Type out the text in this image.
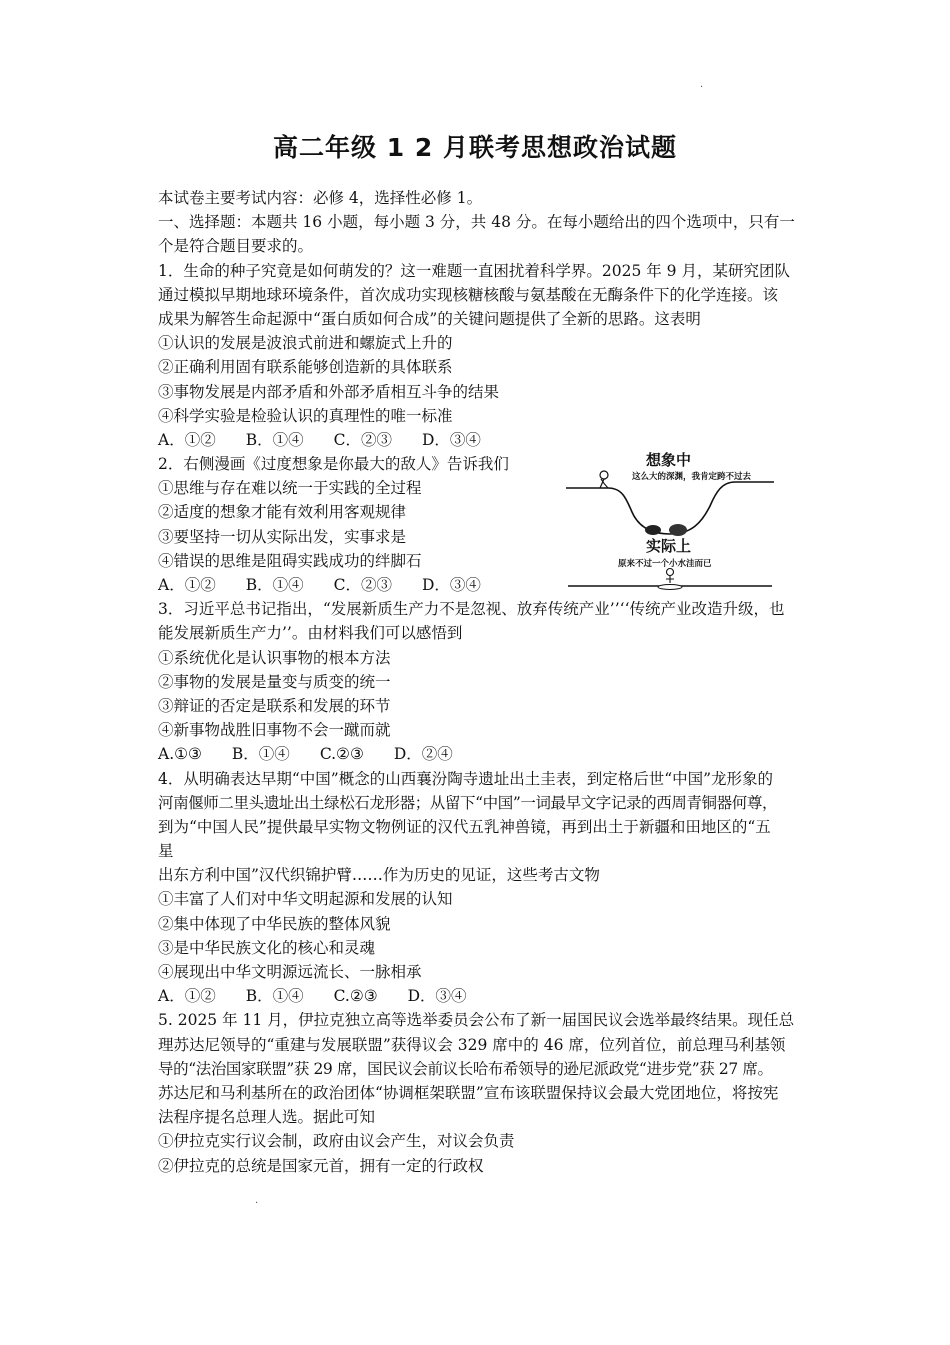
·
高二年级 1 2 月联考思想政治试题
本试卷主要考试内容：必修 4，选择性必修 1。
一、选择题：本题共 16 小题，每小题 3 分，共 48 分。在每小题给出的四个选项中，只有一
个是符合题目要求的。
1．生命的种子究竟是如何萌发的？这一难题一直困扰着科学界。2025 年 9 月，某研究团队
通过模拟早期地球环境条件，首次成功实现核糖核酸与氨基酸在无酶条件下的化学连接。该
成果为解答生命起源中“蛋白质如何合成”的关键问题提供了全新的思路。这表明
①认识的发展是波浪式前进和螺旋式上升的
②正确利用固有联系能够创造新的具体联系
③事物发展是内部矛盾和外部矛盾相互斗争的结果
④科学实验是检验认识的真理性的唯一标准
A．①② B．①④ C．②③ D．③④
2．右侧漫画《过度想象是你最大的敌人》告诉我们
①思维与存在难以统一于实践的全过程
②适度的想象才能有效利用客观规律
③要坚持一切从实际出发，实事求是
④错误的思维是阻碍实践成功的绊脚石
A．①② B．①④ C．②③ D．③④
3．习近平总书记指出，“发展新质生产力不是忽视、放弃传统产业’’‘‘传统产业改造升级，也
能发展新质生产力’’。由材料我们可以感悟到
①系统优化是认识事物的根本方法
②事物的发展是量变与质变的统一
③辩证的否定是联系和发展的环节
④新事物战胜旧事物不会一蹴而就
A.①③ B．①④ C.②③ D．②④
4．从明确表达早期“中国”概念的山西襄汾陶寺遗址出土圭表，到定格后世“中国”龙形象的
河南偃师二里头遗址出土绿松石龙形器；从留下“中国”一词最早文字记录的西周青铜器何尊，
到为“中国人民”提供最早实物文物例证的汉代五乳神兽镜，再到出土于新疆和田地区的“五
星
出东方利中国”汉代织锦护臂……作为历史的见证，这些考古文物
①丰富了人们对中华文明起源和发展的认知
②集中体现了中华民族的整体风貌
③是中华民族文化的核心和灵魂
④展现出中华文明源远流长、一脉相承
A．①② B．①④ C.②③ D．③④
5. 2025 年 11 月，伊拉克独立高等选举委员会公布了新一届国民议会选举最终结果。现任总
理苏达尼领导的“重建与发展联盟”获得议会 329 席中的 46 席，位列首位，前总理马利基领
导的“法治国家联盟”获 29 席，国民议会前议长哈布希领导的逊尼派政党“进步党”获 27 席。
苏达尼和马利基所在的政治团体“协调框架联盟”宣布该联盟保持议会最大党团地位，将按宪
法程序提名总理人选。据此可知
①伊拉克实行议会制，政府由议会产生，对议会负责
②伊拉克的总统是国家元首，拥有一定的行政权
想象中
这么大的深渊，我肯定跨不过去
实际上
原来不过一个小水洼而已
·
